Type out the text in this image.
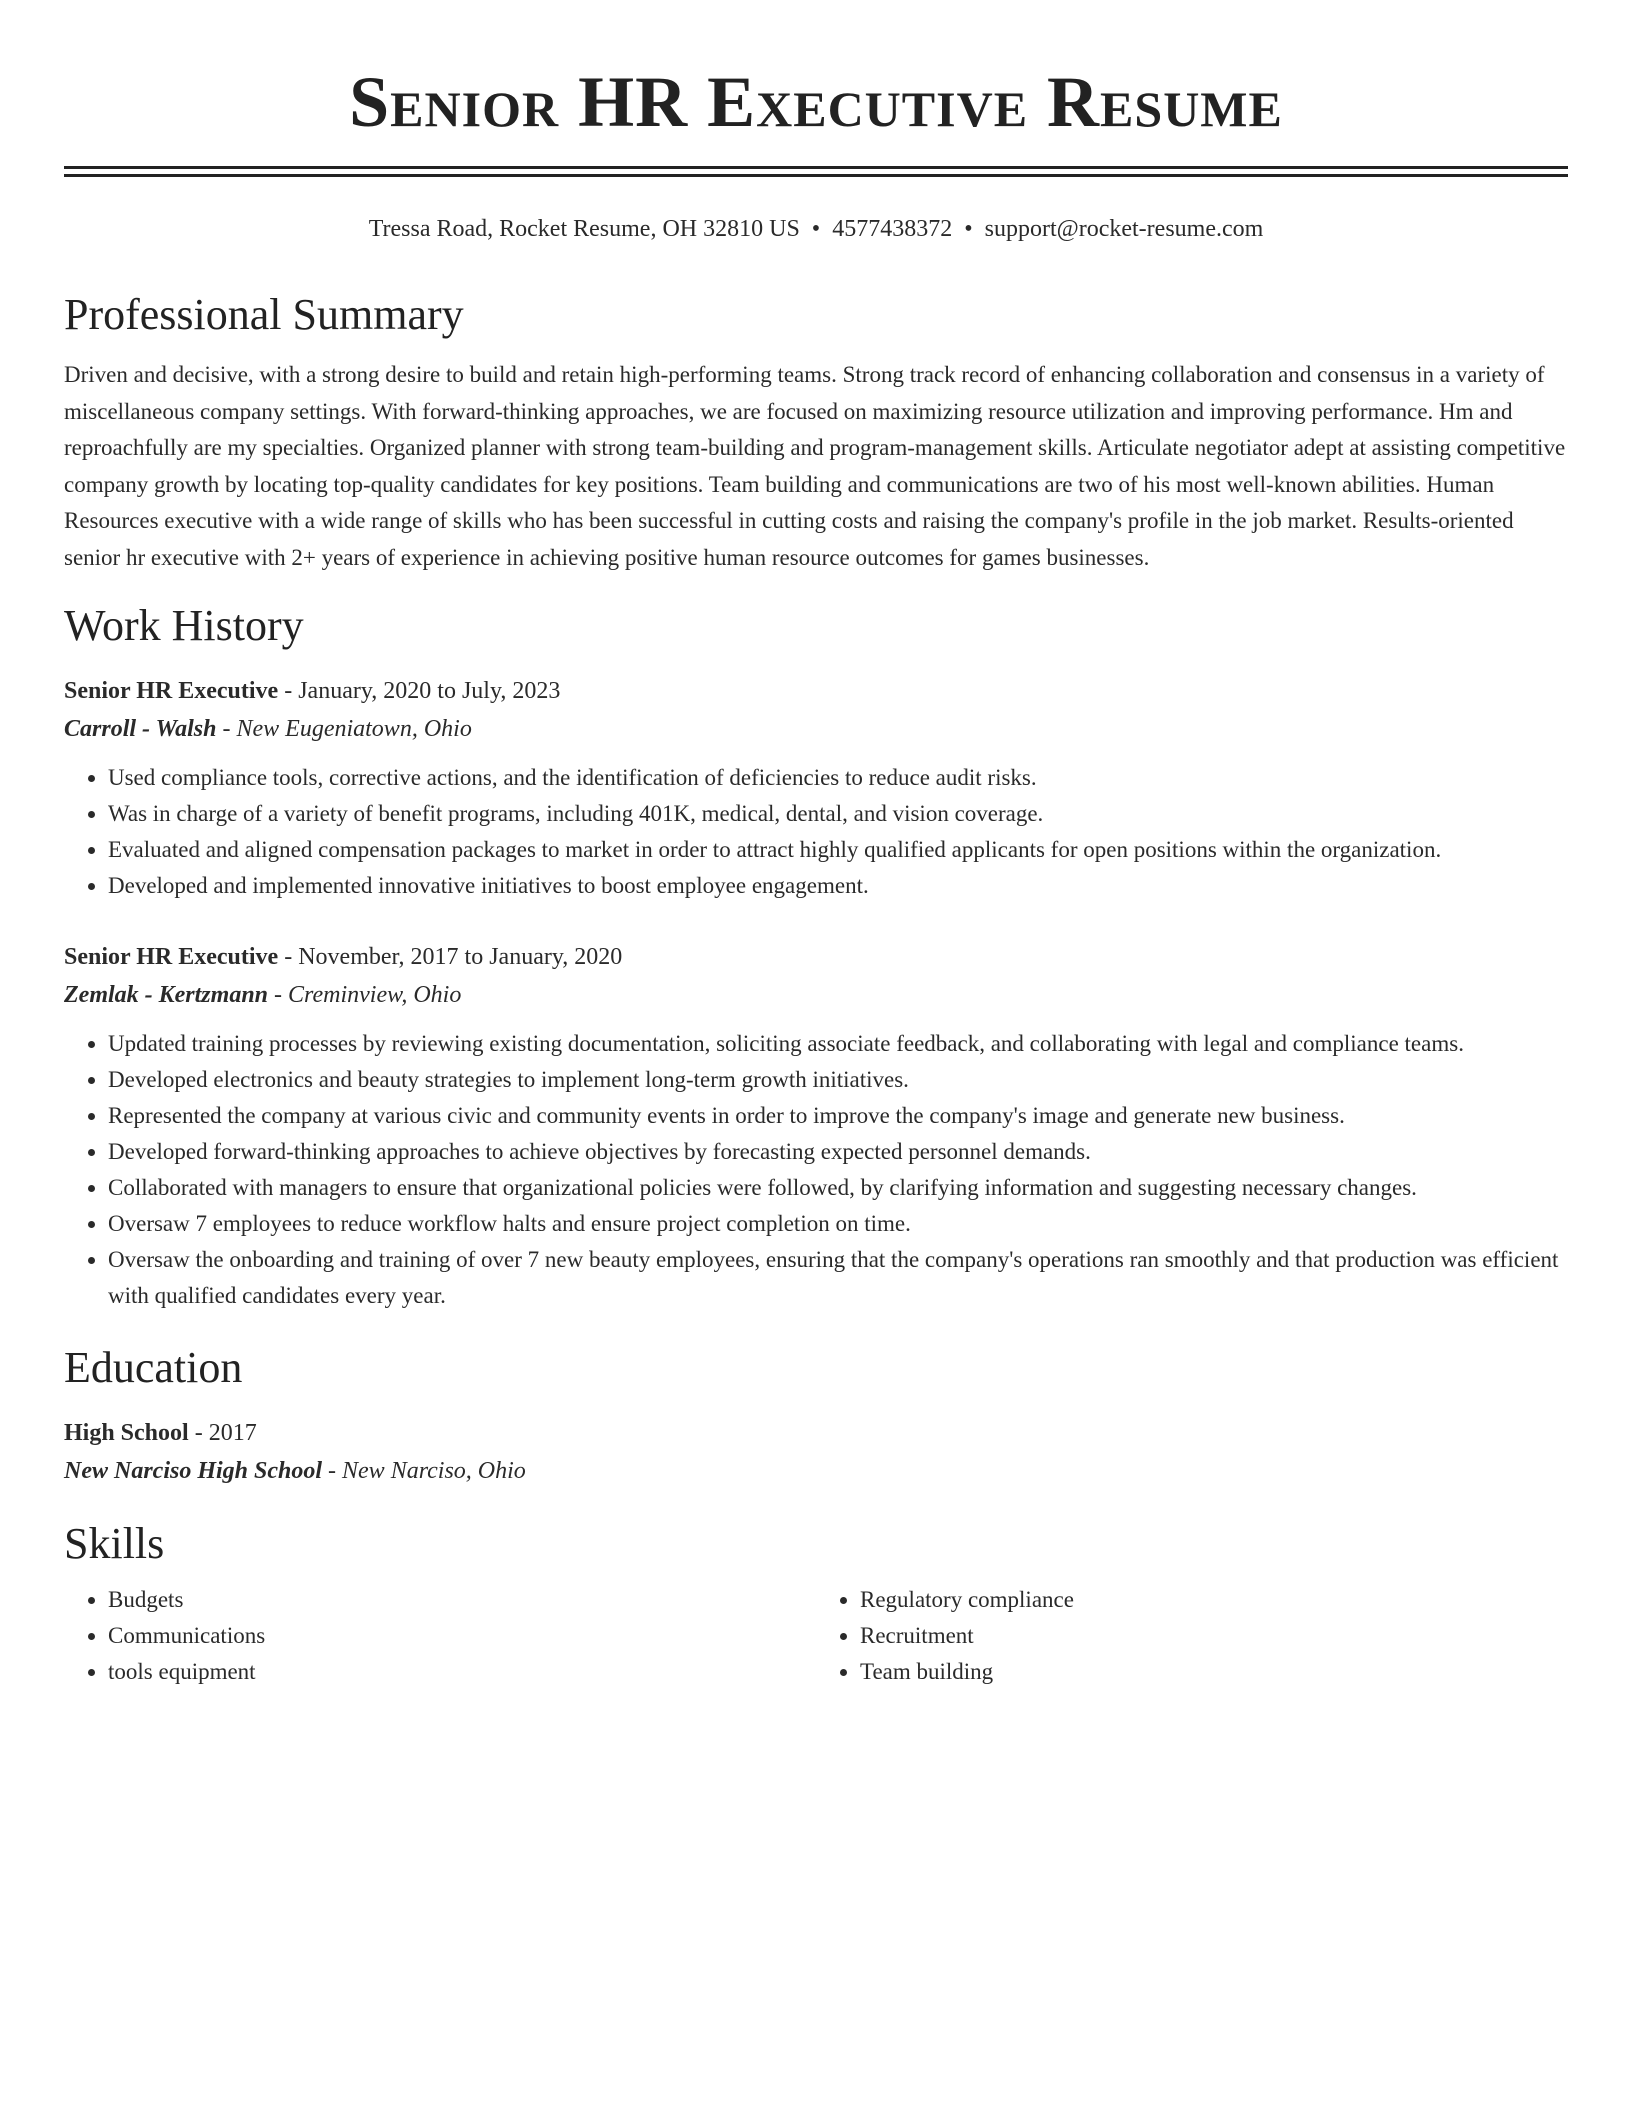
Senior HR Executive Resume
Tressa Road, Rocket Resume, OH 32810 US • 4577438372 • support@rocket-resume.com
Professional Summary

Driven and decisive, with a strong desire to build and retain high-performing teams. Strong track record of enhancing collaboration and consensus in a variety of miscellaneous company settings. With forward-thinking approaches, we are focused on maximizing resource utilization and improving performance. Hm and reproachfully are my specialties. Organized planner with strong team-building and program-management skills. Articulate negotiator adept at assisting competitive company growth by locating top-quality candidates for key positions. Team building and communications are two of his most well-known abilities. Human Resources executive with a wide range of skills who has been successful in cutting costs and raising the company's profile in the job market. Results-oriented senior hr executive with 2+ years of experience in achieving positive human resource outcomes for games businesses.

Work History
Senior HR Executive - January, 2020 to July, 2023
Carroll - Walsh - New Eugeniatown, Ohio
• Used compliance tools, corrective actions, and the identification of deficiencies to reduce audit risks.
• Was in charge of a variety of benefit programs, including 401K, medical, dental, and vision coverage.
• Evaluated and aligned compensation packages to market in order to attract highly qualified applicants for open positions within the organization.
• Developed and implemented innovative initiatives to boost employee engagement.
Senior HR Executive - November, 2017 to January, 2020
Zemlak - Kertzmann - Creminview, Ohio
• Updated training processes by reviewing existing documentation, soliciting associate feedback, and collaborating with legal and compliance teams.
• Developed electronics and beauty strategies to implement long-term growth initiatives.
• Represented the company at various civic and community events in order to improve the company's image and generate new business.
• Developed forward-thinking approaches to achieve objectives by forecasting expected personnel demands.
• Collaborated with managers to ensure that organizational policies were followed, by clarifying information and suggesting necessary changes.
• Oversaw 7 employees to reduce workflow halts and ensure project completion on time.
• Oversaw the onboarding and training of over 7 new beauty employees, ensuring that the company's operations ran smoothly and that production was efficient with qualified candidates every year.
Education
High School - 2017
New Narciso High School - New Narciso, Ohio
Skills
• Budgets
• Communications
• tools equipment
• Regulatory compliance
• Recruitment
• Team building
